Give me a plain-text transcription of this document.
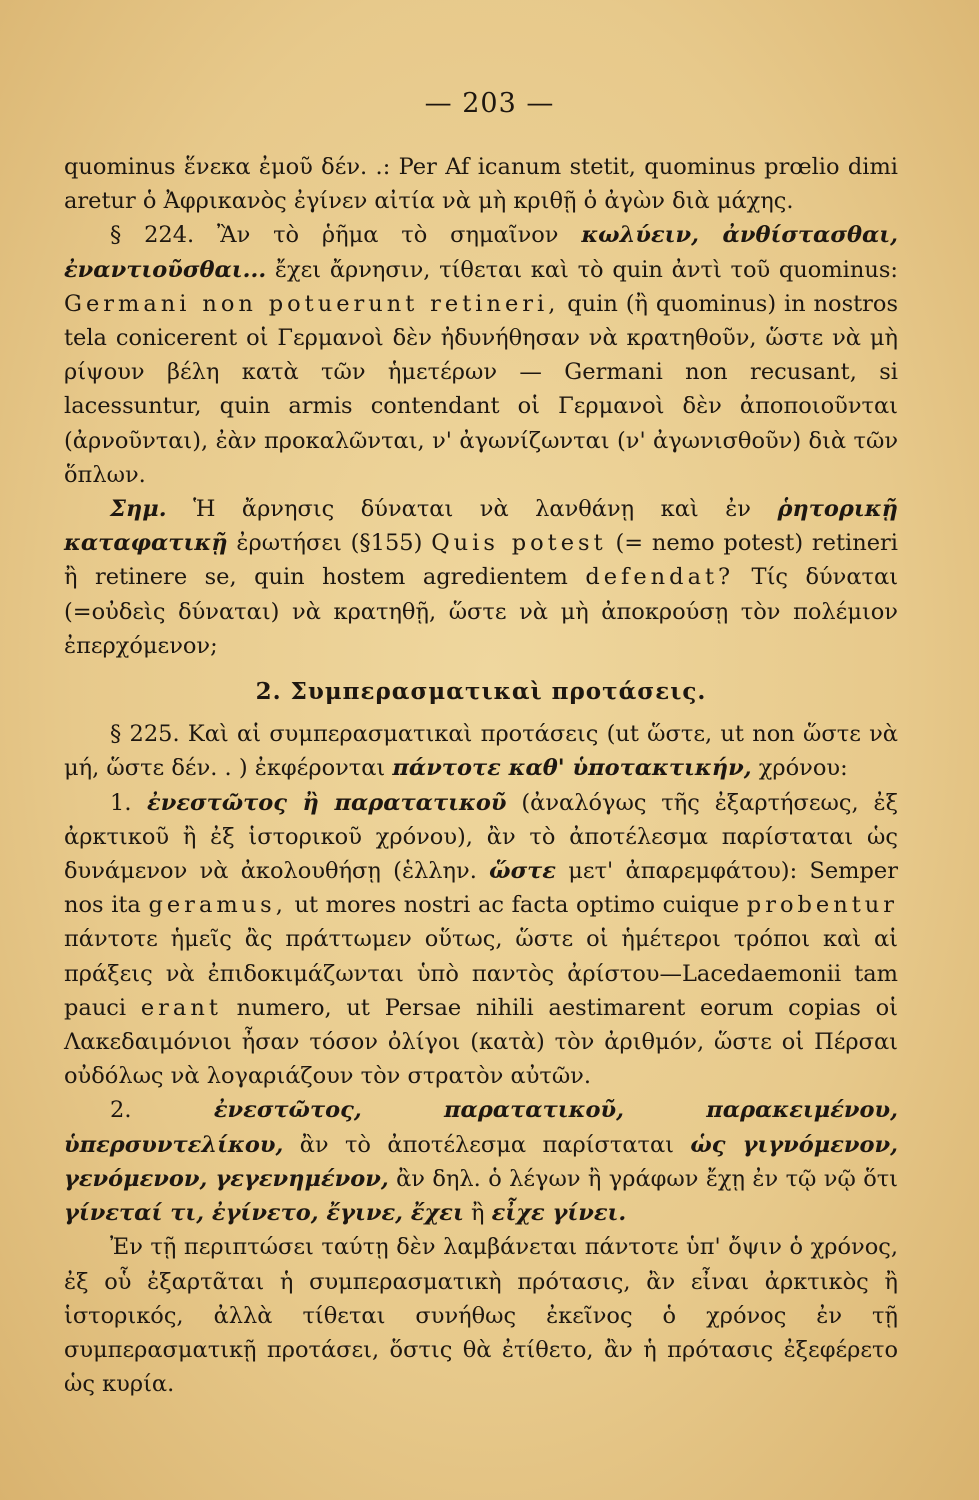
— 203 —

quominus ἕνεκα ἐμοῦ δέν. .: Per Af icanum stetit, quominus prœlio dimi aretur ὁ Ἀφρικανὸς ἐγίνεν αἰτία νὰ μὴ κριθῇ ὁ ἀγὼν διὰ μάχης.

§ 224. Ἂν τὸ ῥῆμα τὸ σημαῖνον κωλύειν, ἀνθίστασθαι, ἐναντιοῦσθαι... ἔχει ἄρνησιν, τίθεται καὶ τὸ quin ἀντὶ τοῦ quominus: Germani non potuerunt retineri, quin (ἢ quominus) in nostros tela conicerent οἱ Γερμανοὶ δὲν ἠδυνήθησαν νὰ κρατηθοῦν, ὥστε νὰ μὴ ρίψουν βέλη κατὰ τῶν ἡμετέρων — Germani non recusant, si lacessuntur, quin armis contendant οἱ Γερμανοὶ δὲν ἀποποιοῦνται (ἀρνοῦνται), ἐὰν προκαλῶνται, ν' ἀγωνίζωνται (ν' ἀγωνισθοῦν) διὰ τῶν ὅπλων.

Σημ. Ἡ ἄρνησις δύναται νὰ λανθάνῃ καὶ ἐν ῥητορικῇ καταφατικῇ ἐρωτήσει (§155) Quis potest (= nemo potest) retineri ἢ retinere se, quin hostem agredientem defendat? Τίς δύναται (=οὐδεὶς δύναται) νὰ κρατηθῇ, ὥστε νὰ μὴ ἀποκρούσῃ τὸν πολέμιον ἐπερχόμενον;

2. Συμπερασματικαὶ προτάσεις.

§ 225. Καὶ αἱ συμπερασματικαὶ προτάσεις (ut ὥστε, ut non ὥστε νὰ μή, ὥστε δέν. . ) ἐκφέρονται πάντοτε καθ' ὑποτακτικήν, χρόνου:

1. ἐνεστῶτος ἢ παρατατικοῦ (ἀναλόγως τῆς ἐξαρτήσεως, ἐξ ἀρκτικοῦ ἢ ἐξ ἱστορικοῦ χρόνου), ἂν τὸ ἀποτέλεσμα παρίσταται ὡς δυνάμενον νὰ ἀκολουθήσῃ (ἑλλην. ὥστε μετ' ἀπαρεμφάτου): Semper nos ita geramus, ut mores nostri ac facta optimo cuique probentur πάντοτε ἡμεῖς ἂς πράττωμεν οὕτως, ὥστε οἱ ἡμέτεροι τρόποι καὶ αἱ πράξεις νὰ ἐπιδοκιμάζωνται ὑπὸ παντὸς ἀρίστου—Lacedaemonii tam pauci erant numero, ut Persae nihili aestimarent eorum copias οἱ Λακεδαιμόνιοι ἦσαν τόσον ὀλίγοι (κατὰ) τὸν ἀριθμόν, ὥστε οἱ Πέρσαι οὐδόλως νὰ λογαριάζουν τὸν στρατὸν αὐτῶν.

2. ἐνεστῶτος, παρατατικοῦ, παρακειμένου, ὑπερσυντελίκου, ἂν τὸ ἀποτέλεσμα παρίσταται ὡς γιγνόμενον, γενόμενον, γεγενημένον, ἂν δηλ. ὁ λέγων ἢ γράφων ἔχῃ ἐν τῷ νῷ ὅτι γίνεταί τι, ἐγίνετο, ἔγινε, ἔχει ἢ εἶχε γίνει.

Ἐν τῇ περιπτώσει ταύτῃ δὲν λαμβάνεται πάντοτε ὑπ' ὄψιν ὁ χρόνος, ἐξ οὗ ἐξαρτᾶται ἡ συμπερασματικὴ πρότασις, ἂν εἶναι ἀρκτικὸς ἢ ἱστορικός, ἀλλὰ τίθεται συνήθως ἐκεῖνος ὁ χρόνος ἐν τῇ συμπερασματικῇ προτάσει, ὅστις θὰ ἐτίθετο, ἂν ἡ πρότασις ἐξεφέρετο ὡς κυρία.
